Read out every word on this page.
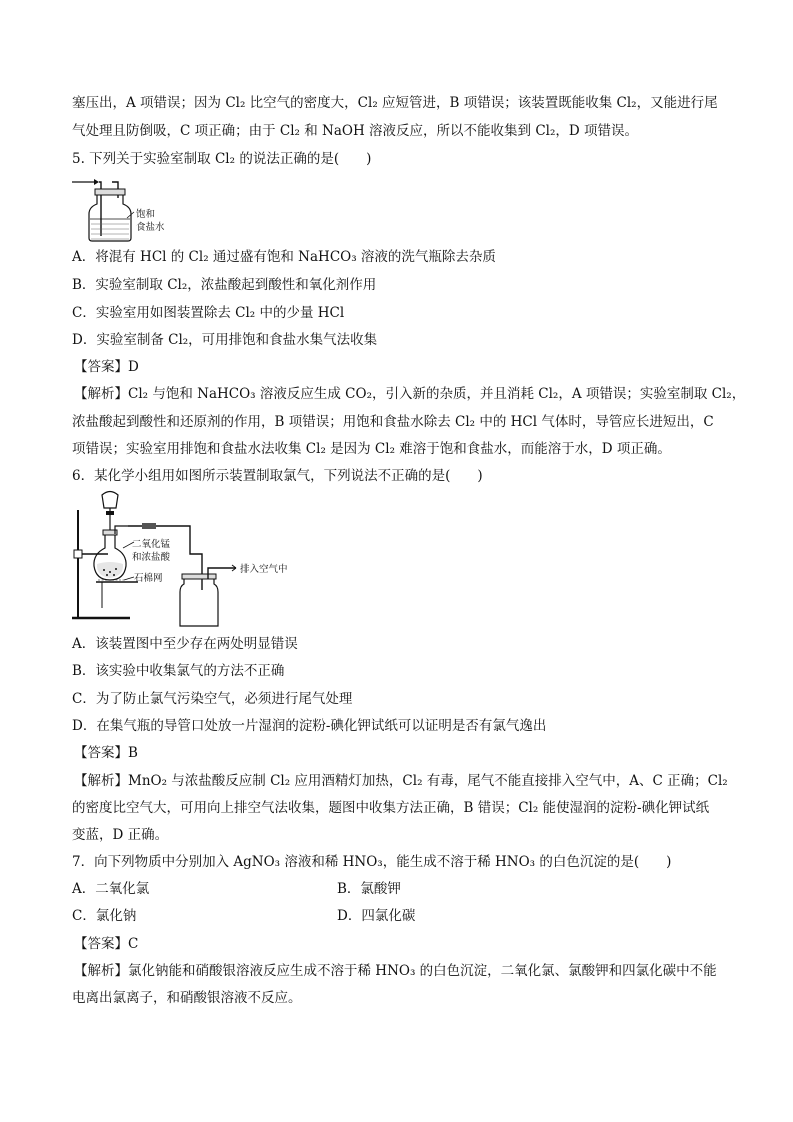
塞压出，A 项错误；因为 Cl₂ 比空气的密度大，Cl₂ 应短管进，B 项错误；该装置既能收集 Cl₂，又能进行尾
气处理且防倒吸，C 项正确；由于 Cl₂ 和 NaOH 溶液反应，所以不能收集到 Cl₂，D 项错误。
5. 下列关于实验室制取 Cl₂ 的说法正确的是(　　)
饱和
食盐水
A．将混有 HCl 的 Cl₂ 通过盛有饱和 NaHCO₃ 溶液的洗气瓶除去杂质
B．实验室制取 Cl₂，浓盐酸起到酸性和氧化剂作用
C．实验室用如图装置除去 Cl₂ 中的少量 HCl
D．实验室制备 Cl₂，可用排饱和食盐水集气法收集
【答案】D
【解析】Cl₂ 与饱和 NaHCO₃ 溶液反应生成 CO₂，引入新的杂质，并且消耗 Cl₂，A 项错误；实验室制取 Cl₂，
浓盐酸起到酸性和还原剂的作用，B 项错误；用饱和食盐水除去 Cl₂ 中的 HCl 气体时，导管应长进短出，C
项错误；实验室用排饱和食盐水法收集 Cl₂ 是因为 Cl₂ 难溶于饱和食盐水，而能溶于水，D 项正确。
6．某化学小组用如图所示装置制取氯气，下列说法不正确的是(　　)
二氧化锰
和浓盐酸
石棉网
排入空气中
A．该装置图中至少存在两处明显错误
B．该实验中收集氯气的方法不正确
C．为了防止氯气污染空气，必须进行尾气处理
D．在集气瓶的导管口处放一片湿润的淀粉-碘化钾试纸可以证明是否有氯气逸出
【答案】B
【解析】MnO₂ 与浓盐酸反应制 Cl₂ 应用酒精灯加热，Cl₂ 有毒，尾气不能直接排入空气中，A、C 正确；Cl₂
的密度比空气大，可用向上排空气法收集，题图中收集方法正确，B 错误；Cl₂ 能使湿润的淀粉-碘化钾试纸
变蓝，D 正确。
7．向下列物质中分别加入 AgNO₃ 溶液和稀 HNO₃，能生成不溶于稀 HNO₃ 的白色沉淀的是(　　)
A．二氧化氯	B．氯酸钾
C．氯化钠	D．四氯化碳
【答案】C
【解析】氯化钠能和硝酸银溶液反应生成不溶于稀 HNO₃ 的白色沉淀，二氧化氯、氯酸钾和四氯化碳中不能
电离出氯离子，和硝酸银溶液不反应。
